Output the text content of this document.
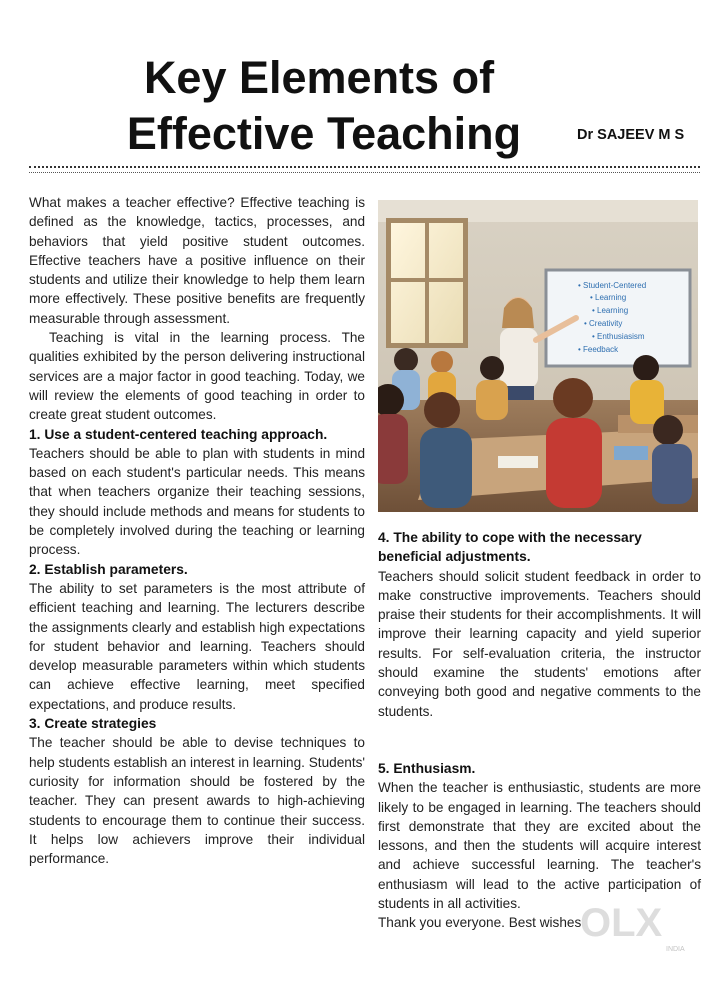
Key Elements of
Effective Teaching	Dr SAJEEV M S

What makes a teacher effective? Effective teaching is defined as the knowledge, tactics, processes, and behaviors that yield positive student outcomes. Effective teachers have a positive influence on their students and utilize their knowledge to help them learn more effectively. These positive benefits are frequently measurable through assessment.

Teaching is vital in the learning process. The qualities exhibited by the person delivering instructional services are a major factor in good teaching. Today, we will review the elements of good teaching in order to create great student outcomes.

1. Use a student-centered teaching approach.

Teachers should be able to plan with students in mind based on each student's particular needs. This means that when teachers organize their teaching sessions, they should include methods and means for students to be completely involved during the teaching or learning process.

2. Establish parameters.

The ability to set parameters is the most attribute of efficient teaching and learning. The lecturers describe the assignments clearly and establish high expectations for student behavior and learning. Teachers should develop measurable parameters within which students can achieve effective learning, meet specified expectations, and produce results.

3. Create strategies

The teacher should be able to devise techniques to help students establish an interest in learning. Students' curiosity for information should be fostered by the teacher. They can present awards to high-achieving students to encourage them to continue their success. It helps low achievers improve their individual performance.

• Student-Centered
• Learning
• Learning
• Creativity
• Enthusiasism
• Feedback
4. The ability to cope with the necessary beneficial adjustments.

Teachers should solicit student feedback in order to make constructive improvements. Teachers should praise their students for their accomplishments. It will improve their learning capacity and yield superior results. For self-evaluation criteria, the instructor should examine the students' emotions after conveying both good and negative comments to the students.

5. Enthusiasm.

When the teacher is enthusiastic, students are more likely to be engaged in learning. The teachers should first demonstrate that they are excited about the lessons, and then the students will acquire interest and achieve successful learning. The teacher's enthusiasm will lead to the active participation of students in all activities.

Thank you everyone. Best wishes

OLX
INDIA
